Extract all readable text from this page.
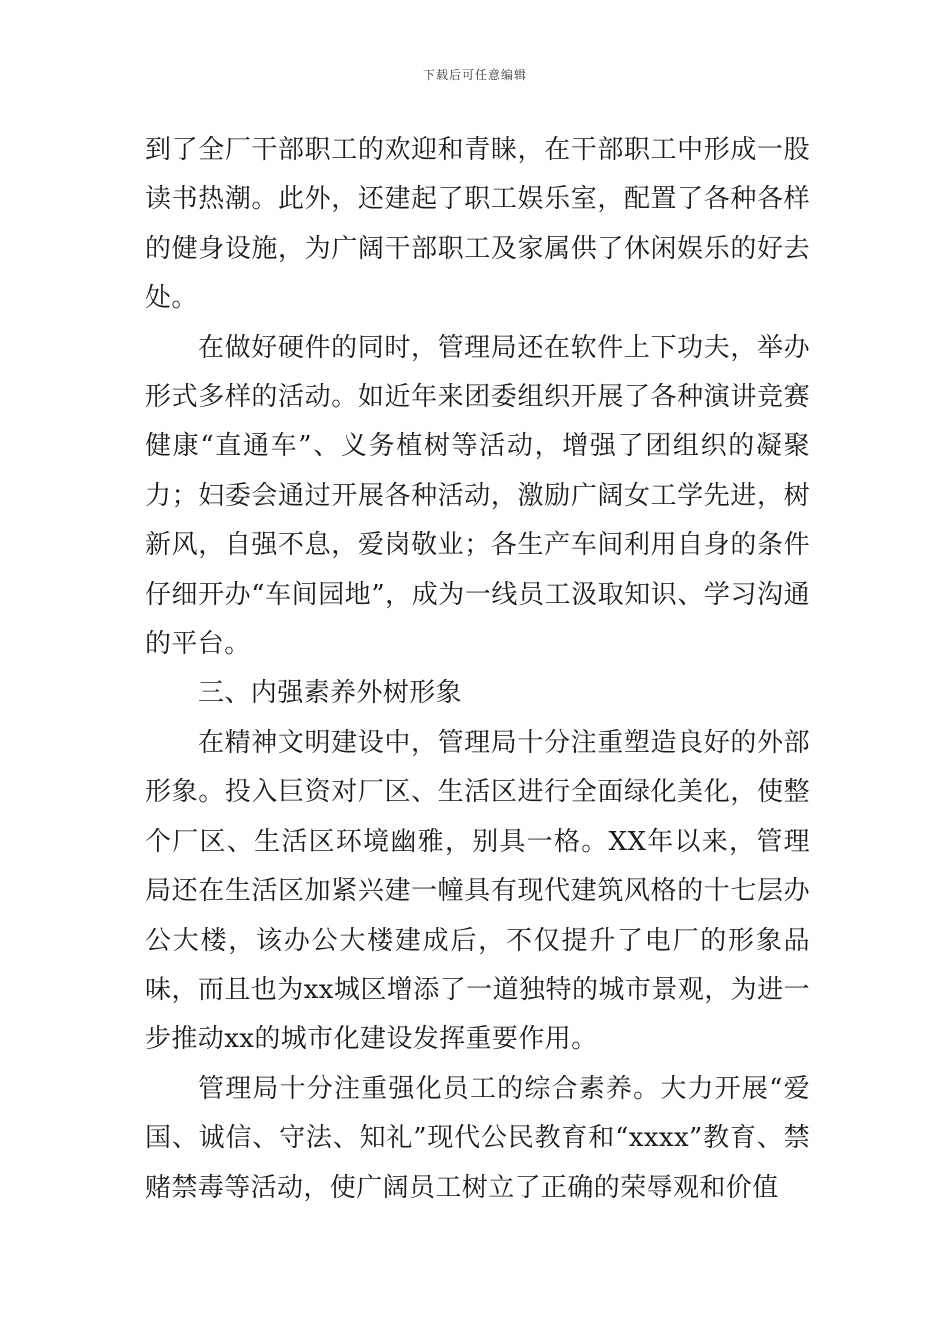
下载后可任意编辑

到了全厂干部职工的欢迎和青睐，在干部职工中形成一股读书热潮。此外，还建起了职工娱乐室，配置了各种各样的健身设施，为广阔干部职工及家属供了休闲娱乐的好去处。

在做好硬件的同时，管理局还在软件上下功夫，举办形式多样的活动。如近年来团委组织开展了各种演讲竞赛健康“直通车”、义务植树等活动，增强了团组织的凝聚力；妇委会通过开展各种活动，激励广阔女工学先进，树新风，自强不息，爱岗敬业；各生产车间利用自身的条件仔细开办“车间园地”，成为一线员工汲取知识、学习沟通的平台。

三、内强素养外树形象

在精神文明建设中，管理局十分注重塑造良好的外部形象。投入巨资对厂区、生活区进行全面绿化美化，使整个厂区、生活区环境幽雅，别具一格。XX年以来，管理局还在生活区加紧兴建一幢具有现代建筑风格的十七层办公大楼，该办公大楼建成后，不仅提升了电厂的形象品味，而且也为xx城区增添了一道独特的城市景观，为进一步推动xx的城市化建设发挥重要作用。

管理局十分注重强化员工的综合素养。大力开展“爱国、诚信、守法、知礼”现代公民教育和“xxxx”教育、禁赌禁毒等活动，使广阔员工树立了正确的荣辱观和价值
